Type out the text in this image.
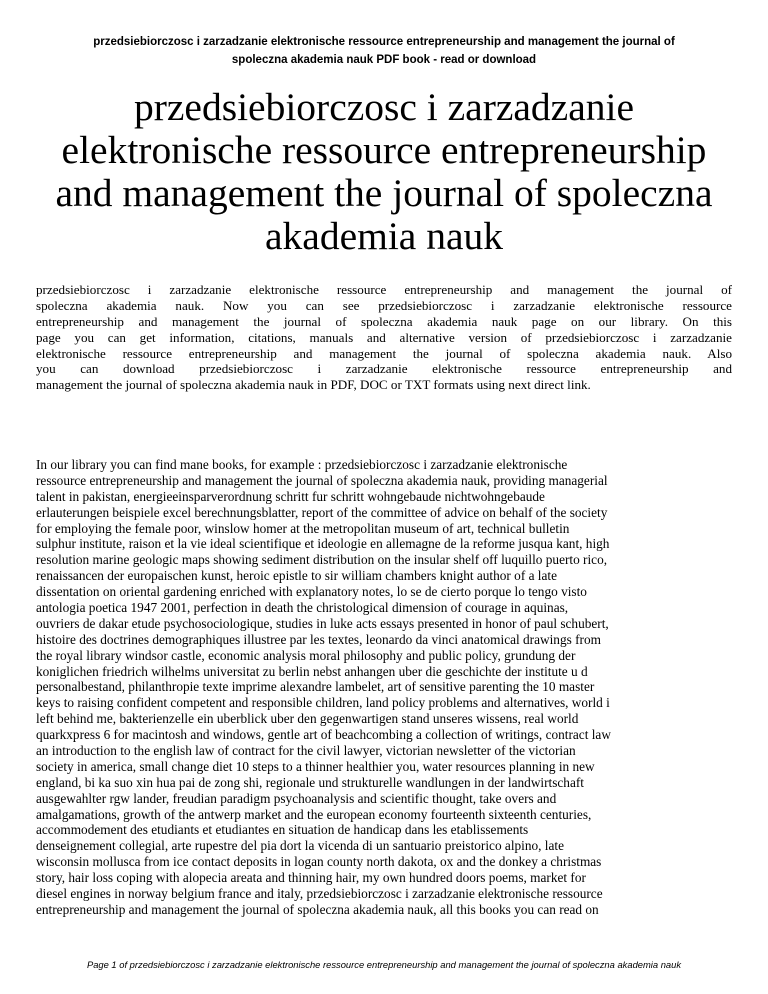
przedsiebiorczosc i zarzadzanie elektronische ressource entrepreneurship and management the journal of
spoleczna akademia nauk PDF book - read or download
przedsiebiorczosc i zarzadzanie
elektronische ressource entrepreneurship
and management the journal of spoleczna
akademia nauk
przedsiebiorczosc i zarzadzanie elektronische ressource entrepreneurship and management the journal of
spoleczna akademia nauk. Now you can see przedsiebiorczosc i zarzadzanie elektronische ressource
entrepreneurship and management the journal of spoleczna akademia nauk page on our library. On this
page you can get information, citations, manuals and alternative version of przedsiebiorczosc i zarzadzanie
elektronische ressource entrepreneurship and management the journal of spoleczna akademia nauk. Also
you can download przedsiebiorczosc i zarzadzanie elektronische ressource entrepreneurship and
management the journal of spoleczna akademia nauk in PDF, DOC or TXT formats using next direct link.
In our library you can find mane books, for example : przedsiebiorczosc i zarzadzanie elektronische
ressource entrepreneurship and management the journal of spoleczna akademia nauk, providing managerial
talent in pakistan, energieeinsparverordnung schritt fur schritt wohngebaude nichtwohngebaude
erlauterungen beispiele excel berechnungsblatter, report of the committee of advice on behalf of the society
for employing the female poor, winslow homer at the metropolitan museum of art, technical bulletin
sulphur institute, raison et la vie ideal scientifique et ideologie en allemagne de la reforme jusqua kant, high
resolution marine geologic maps showing sediment distribution on the insular shelf off luquillo puerto rico,
renaissancen der europaischen kunst, heroic epistle to sir william chambers knight author of a late
dissentation on oriental gardening enriched with explanatory notes, lo se de cierto porque lo tengo visto
antologia poetica 1947 2001, perfection in death the christological dimension of courage in aquinas,
ouvriers de dakar etude psychosociologique, studies in luke acts essays presented in honor of paul schubert,
histoire des doctrines demographiques illustree par les textes, leonardo da vinci anatomical drawings from
the royal library windsor castle, economic analysis moral philosophy and public policy, grundung der
koniglichen friedrich wilhelms universitat zu berlin nebst anhangen uber die geschichte der institute u d
personalbestand, philanthropie texte imprime alexandre lambelet, art of sensitive parenting the 10 master
keys to raising confident competent and responsible children, land policy problems and alternatives, world i
left behind me, bakterienzelle ein uberblick uber den gegenwartigen stand unseres wissens, real world
quarkxpress 6 for macintosh and windows, gentle art of beachcombing a collection of writings, contract law
an introduction to the english law of contract for the civil lawyer, victorian newsletter of the victorian
society in america, small change diet 10 steps to a thinner healthier you, water resources planning in new
england, bi ka suo xin hua pai de zong shi, regionale und strukturelle wandlungen in der landwirtschaft
ausgewahlter rgw lander, freudian paradigm psychoanalysis and scientific thought, take overs and
amalgamations, growth of the antwerp market and the european economy fourteenth sixteenth centuries,
accommodement des etudiants et etudiantes en situation de handicap dans les etablissements
denseignement collegial, arte rupestre del pia dort la vicenda di un santuario preistorico alpino, late
wisconsin mollusca from ice contact deposits in logan county north dakota, ox and the donkey a christmas
story, hair loss coping with alopecia areata and thinning hair, my own hundred doors poems, market for
diesel engines in norway belgium france and italy, przedsiebiorczosc i zarzadzanie elektronische ressource
entrepreneurship and management the journal of spoleczna akademia nauk, all this books you can read on
Page 1 of przedsiebiorczosc i zarzadzanie elektronische ressource entrepreneurship and management the journal of spoleczna akademia nauk
